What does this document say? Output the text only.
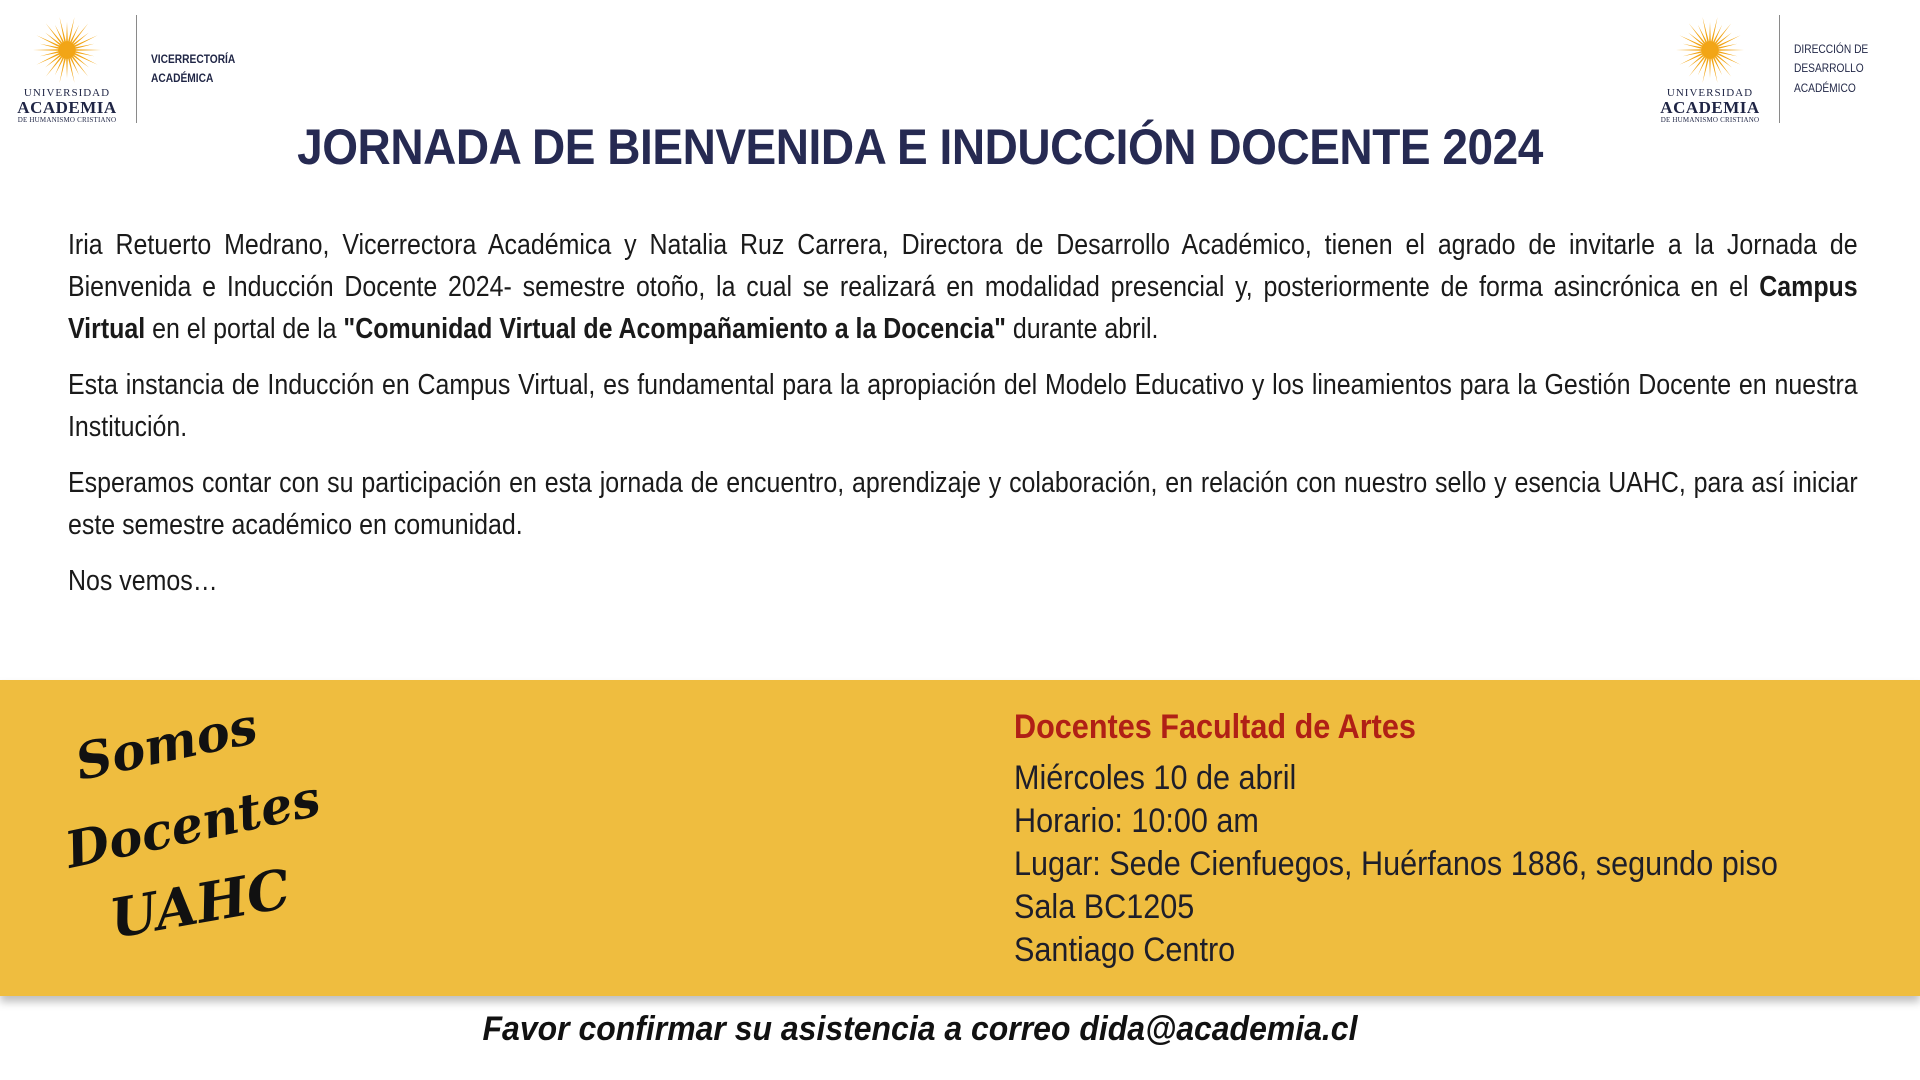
UNIVERSIDAD
ACADEMIA
DE HUMANISMO CRISTIANO
VICERRECTORÍA
ACADÉMICA
UNIVERSIDAD
ACADEMIA
DE HUMANISMO CRISTIANO
DIRECCIÓN DE
DESARROLLO
ACADÉMICO
JORNADA DE BIENVENIDA E INDUCCIÓN DOCENTE 2024

Iria Retuerto Medrano, Vicerrectora Académica y Natalia Ruz Carrera, Directora de Desarrollo Académico, tienen el agrado de invitarle a la Jornada de Bienvenida e Inducción Docente 2024- semestre otoño, la cual se realizará en modalidad presencial y, posteriormente de forma asincrónica en el Campus Virtual en el portal de la "Comunidad Virtual de Acompañamiento a la Docencia" durante abril.

Esta instancia de Inducción en Campus Virtual, es fundamental para la apropiación del Modelo Educativo y los lineamientos para la Gestión Docente en nuestra Institución.

Esperamos contar con su participación en esta jornada de encuentro, aprendizaje y colaboración, en relación con nuestro sello y esencia UAHC, para así iniciar este semestre académico en comunidad.

Nos vemos…

Somos
Docentes
UAHC
Docentes Facultad de Artes
Miércoles 10 de abril
Horario: 10:00 am
Lugar: Sede Cienfuegos, Huérfanos 1886, segundo piso
Sala BC1205
Santiago Centro
Favor confirmar su asistencia a correo dida@academia.cl
